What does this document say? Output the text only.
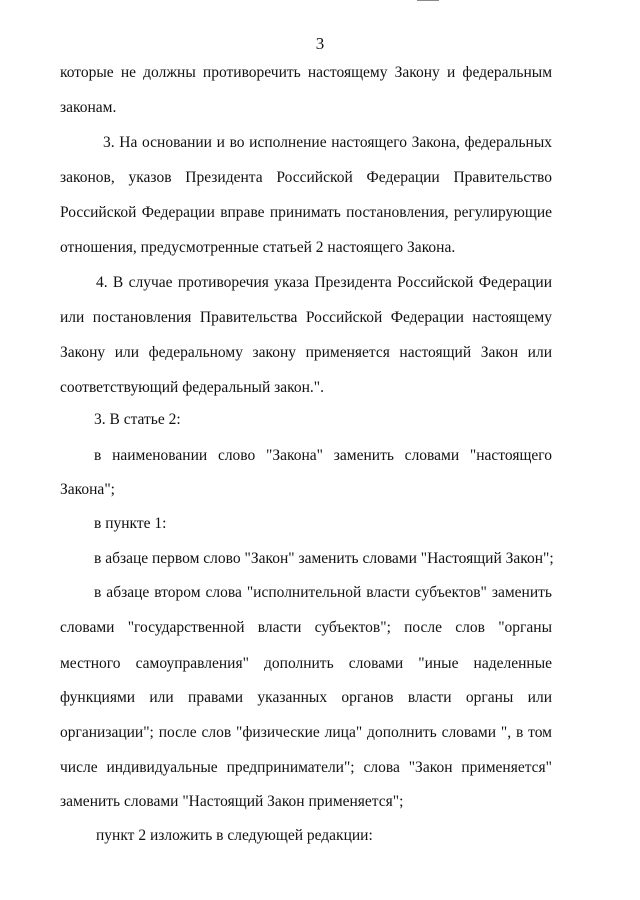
3
которые не должны противоречить настоящему Закону и федеральным
законам.
3. На основании и во исполнение настоящего Закона, федеральных
законов, указов Президента Российской Федерации Правительство
Российской Федерации вправе принимать постановления, регулирующие
отношения, предусмотренные статьей 2 настоящего Закона.
4. В случае противоречия указа Президента Российской Федерации
или постановления Правительства Российской Федерации настоящему
Закону или федеральному закону применяется настоящий Закон или
соответствующий федеральный закон.".
3. В статье 2:
в наименовании слово "Закона" заменить словами "настоящего
Закона";
в пункте 1:
в абзаце первом слово "Закон" заменить словами "Настоящий Закон";
в абзаце втором слова "исполнительной власти субъектов" заменить
словами "государственной власти субъектов"; после слов "органы
местного самоуправления" дополнить словами "иные наделенные
функциями или правами указанных органов власти органы или
организации"; после слов "физические лица" дополнить словами ", в том
числе индивидуальные предприниматели"; слова "Закон применяется"
заменить словами "Настоящий Закон применяется";
пункт 2 изложить в следующей редакции:
